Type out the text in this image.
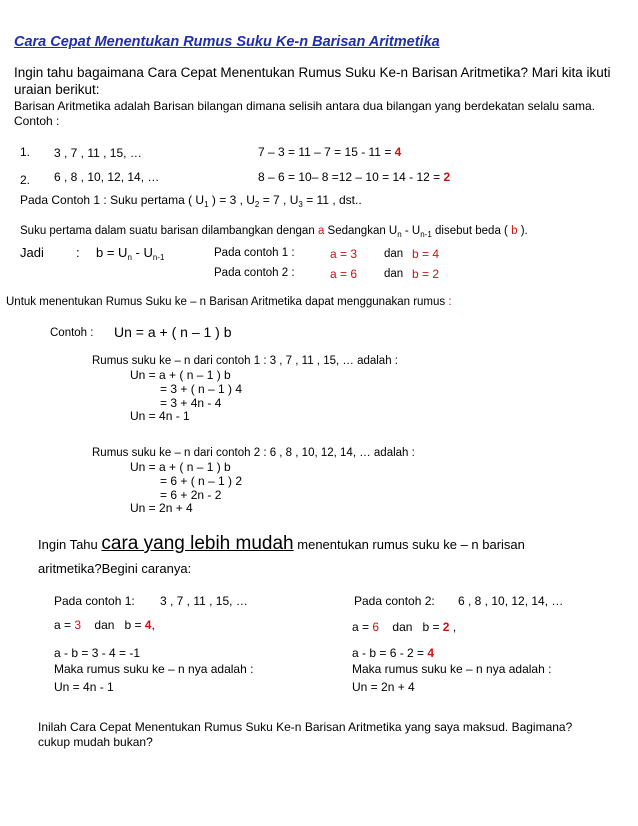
Cara Cepat Menentukan Rumus Suku Ke-n Barisan Aritmetika
Ingin tahu bagaimana Cara Cepat Menentukan Rumus Suku Ke-n Barisan Aritmetika? Mari kita ikuti uraian berikut:
Barisan Aritmetika adalah Barisan bilangan dimana selisih antara dua bilangan yang berdekatan selalu sama. Contoh :
1. 3 , 7 , 11 , 15, …	7 – 3 = 11 – 7 = 15 - 11 = 4
2. 6 , 8 , 10, 12, 14, …	8 – 6 = 10– 8 =12 – 10 = 14 - 12 = 2
Pada Contoh 1 : Suku pertama ( $U_1$ ) = 3 , $U_2 = 7$ , $U_3 = 11$ , dst..
Suku pertama dalam suatu barisan dilambangkan dengan a Sedangkan $U_n - U_{n-1}$ disebut beda ( b ).
Jadi : $b = U_n - U_{n-1}$	Pada contoh 1 :	a = 3 dan b = 4
Pada contoh 2 :	a = 6 dan b = 2
Untuk menentukan Rumus Suku ke – n Barisan Aritmetika dapat menggunakan rumus :
Contoh : Un = a + ( n – 1 ) b
Rumus suku ke – n dari contoh 1 : 3 , 7 , 11 , 15, … adalah :
Un = a + ( n – 1 ) b
= 3 + ( n – 1 ) 4
= 3 + 4n - 4
Un = 4n - 1
Rumus suku ke – n dari contoh 2 : 6 , 8 , 10, 12, 14, … adalah :
Un = a + ( n – 1 ) b
= 6 + ( n – 1 ) 2
= 6 + 2n - 2
Un = 2n + 4
Ingin Tahu cara yang lebih mudah menentukan rumus suku ke – n barisan
aritmetika?Begini caranya:
Pada contoh 1: 3 , 7 , 11 , 15, …
a = 3 dan b = 4,
a - b = 3 - 4 = -1
Maka rumus suku ke – n nya adalah :
Un = 4n - 1
Pada contoh 2: 6 , 8 , 10, 12, 14, …
a = 6 dan b = 2 ,
a - b = 6 - 2 = 4
Maka rumus suku ke – n nya adalah :
Un = 2n + 4
Inilah Cara Cepat Menentukan Rumus Suku Ke-n Barisan Aritmetika yang saya maksud. Bagimana? cukup mudah bukan?
